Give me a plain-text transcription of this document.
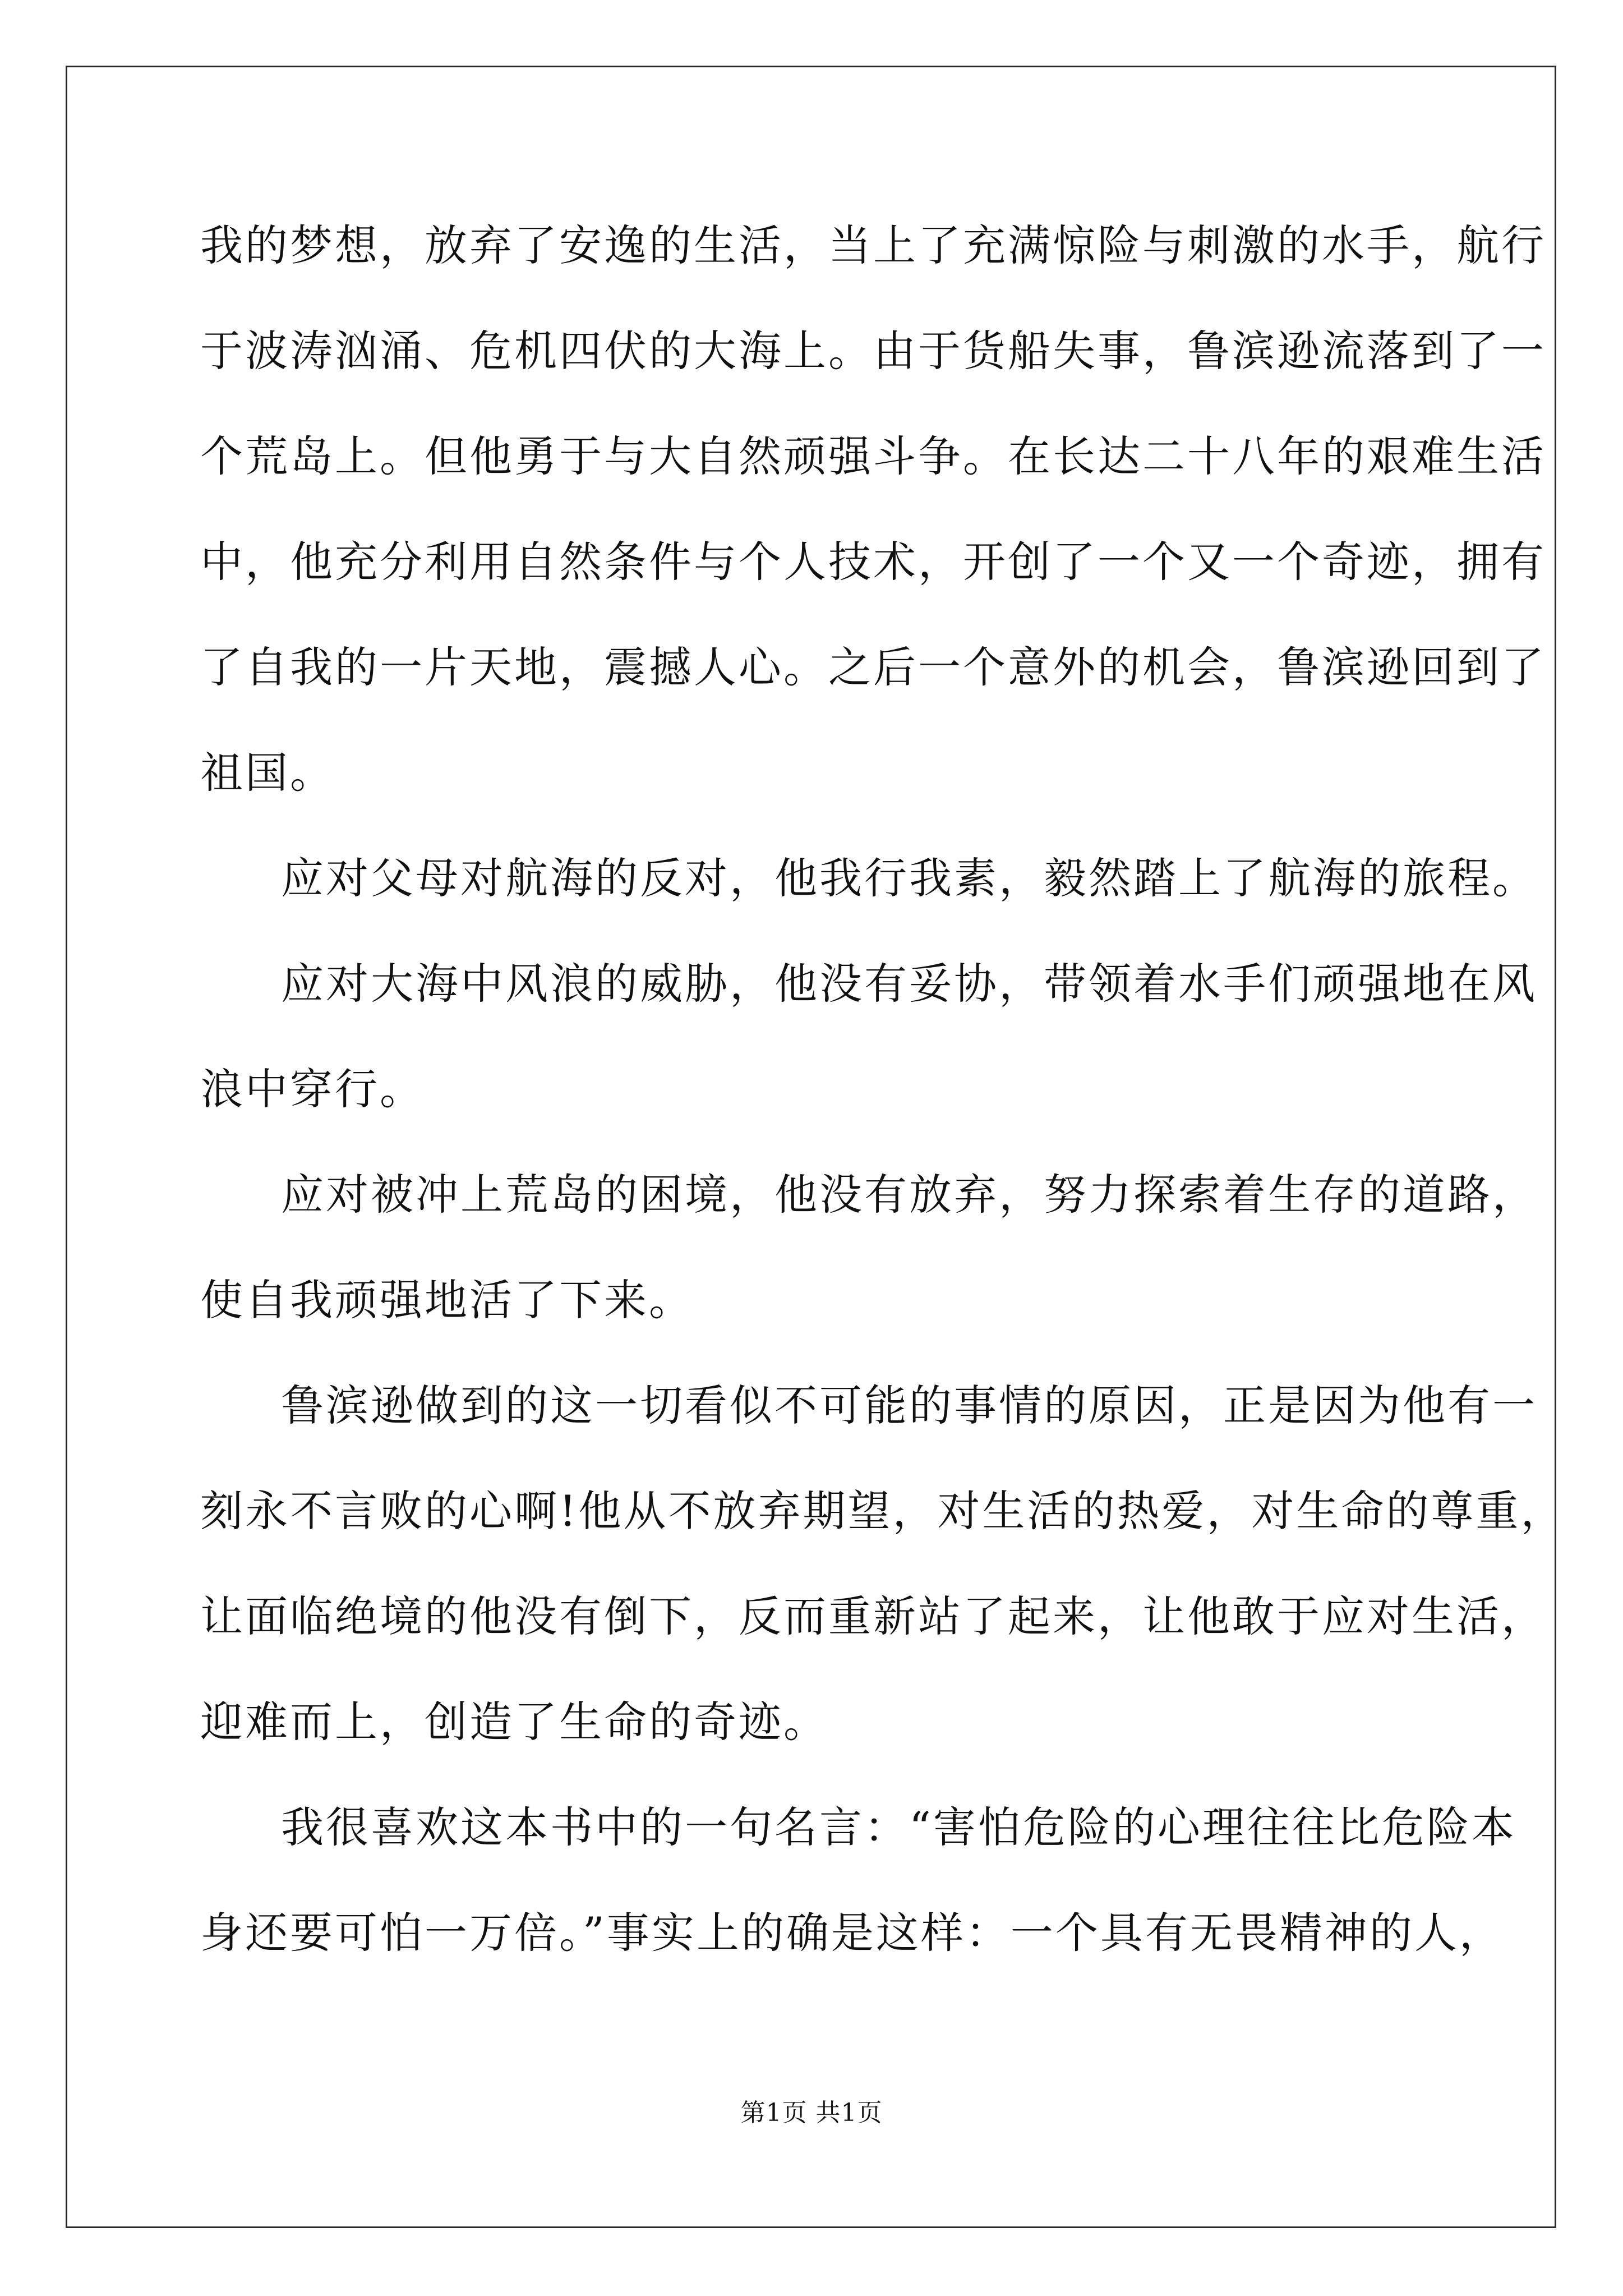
我的梦想，放弃了安逸的生活，当上了充满惊险与刺激的水手，航行

于波涛汹涌、危机四伏的大海上。由于货船失事，鲁滨逊流落到了一

个荒岛上。但他勇于与大自然顽强斗争。在长达二十八年的艰难生活

中，他充分利用自然条件与个人技术，开创了一个又一个奇迹，拥有

了自我的一片天地，震撼人心。之后一个意外的机会，鲁滨逊回到了

祖国。

应对父母对航海的反对，他我行我素，毅然踏上了航海的旅程。

应对大海中风浪的威胁，他没有妥协，带领着水手们顽强地在风

浪中穿行。

应对被冲上荒岛的困境，他没有放弃，努力探索着生存的道路，

使自我顽强地活了下来。

鲁滨逊做到的这一切看似不可能的事情的原因，正是因为他有一

刻永不言败的心啊!他从不放弃期望，对生活的热爱，对生命的尊重，

让面临绝境的他没有倒下，反而重新站了起来，让他敢于应对生活，

迎难而上，创造了生命的奇迹。

我很喜欢这本书中的一句名言：“害怕危险的心理往往比危险本

身还要可怕一万倍。”事实上的确是这样：一个具有无畏精神的人，

第1页 共1页
